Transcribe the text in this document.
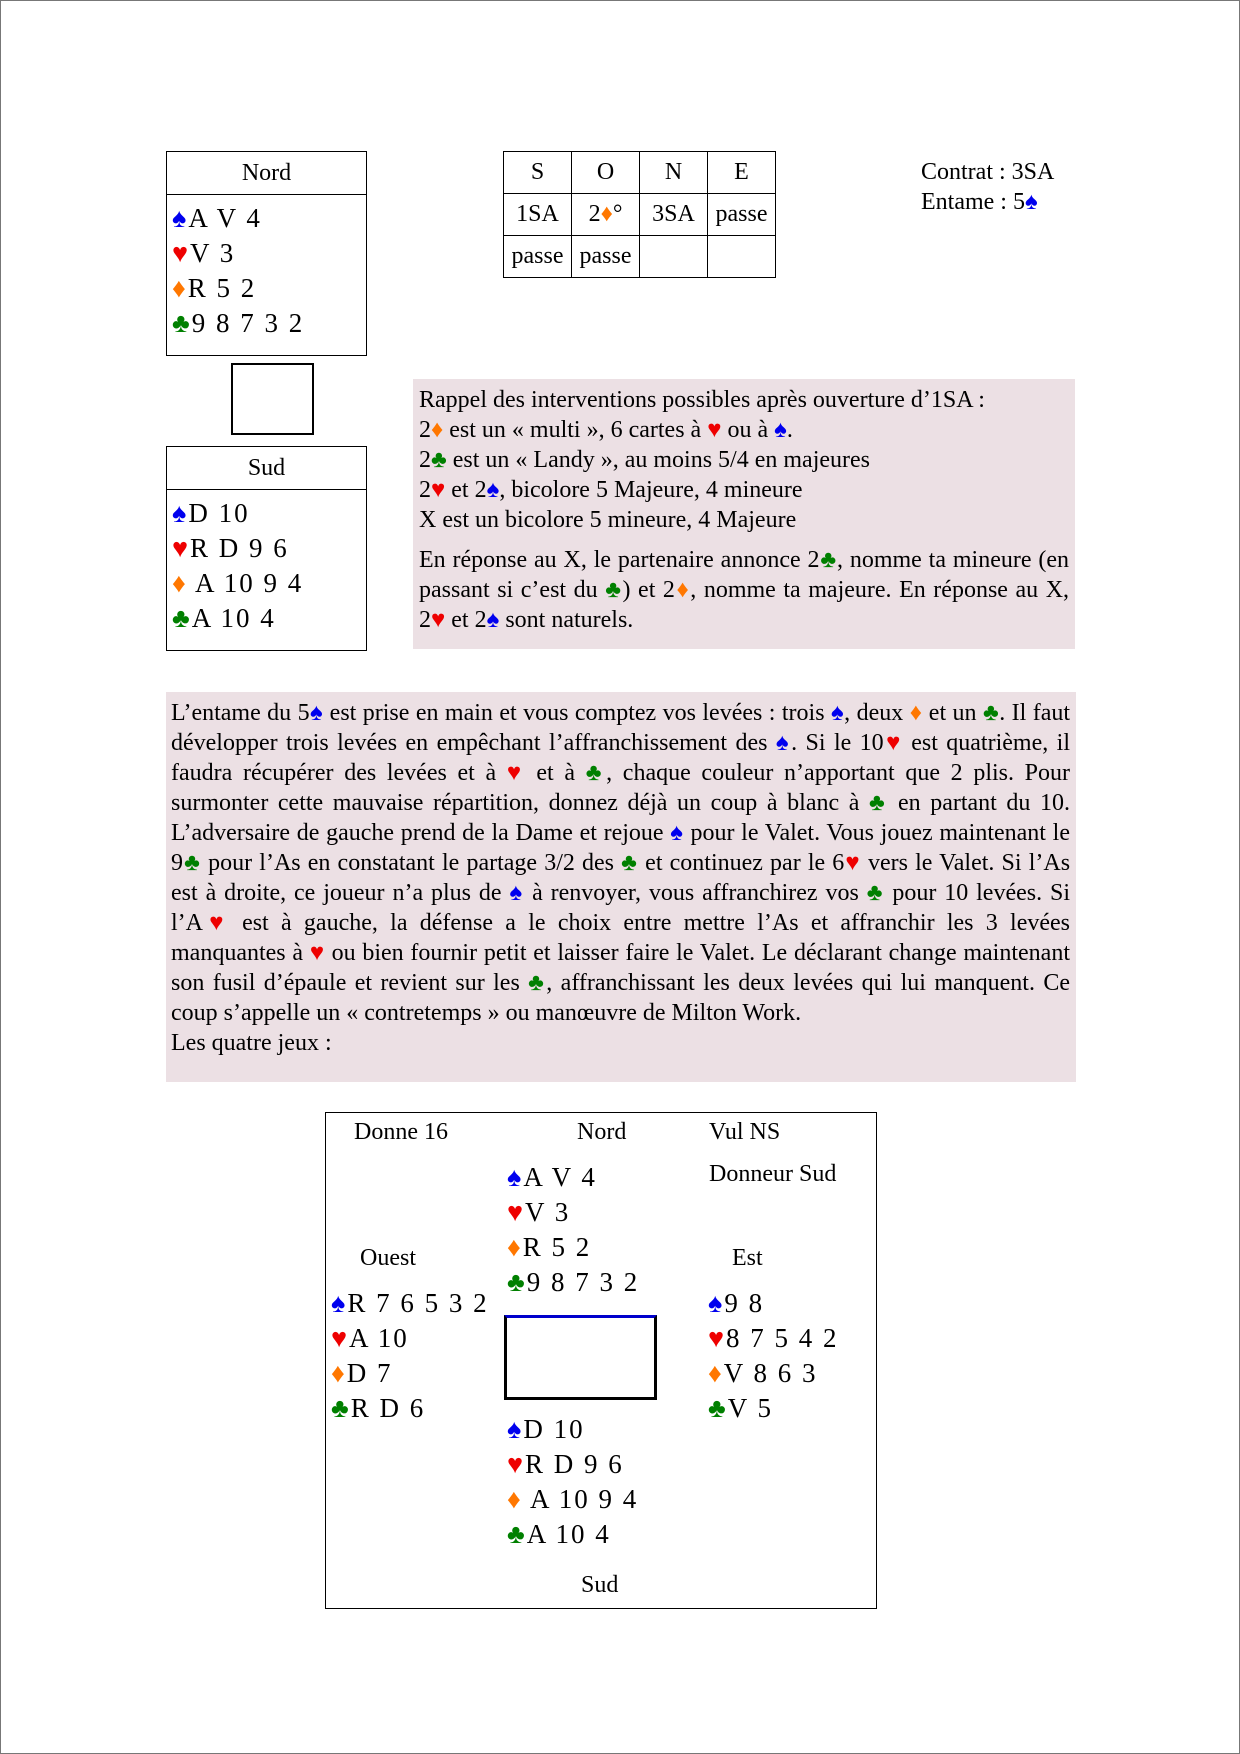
Nord
♠A V 4
♥V 3
♦R 5 2
♣9 8 7 3 2
Sud
♠D 10
♥R D 9 6
♦ A 10 9 4
♣A 10 4
S	O	N	E
1SA	2♦°	3SA	passe
passe	passe		
Contrat : 3SA
Entame : 5♠

Rappel des interventions possibles après ouverture d’1SA :

2♦ est un « multi », 6 cartes à ♥ ou à ♠.

2♣ est un « Landy », au moins 5/4 en majeures

2♥ et 2♠, bicolore 5 Majeure, 4 mineure

X est un bicolore 5 mineure, 4 Majeure

En réponse au X, le partenaire annonce 2♣, nomme ta mineure (en passant si c’est du ♣) et 2♦, nomme ta majeure. En réponse au X, 2♥ et 2♠ sont naturels.

L’entame du 5♠ est prise en main et vous comptez vos levées : trois ♠, deux ♦ et un ♣. Il faut développer trois levées en empêchant l’affranchissement des ♠. Si le 10♥ est quatrième, il faudra récupérer des levées et à ♥ et à ♣, chaque couleur n’apportant que 2 plis. Pour surmonter cette mauvaise répartition, donnez déjà un coup à blanc à ♣ en partant du 10. L’adversaire de gauche prend de la Dame et rejoue ♠ pour le Valet. Vous jouez maintenant le 9♣ pour l’As en constatant le partage 3/2 des ♣ et continuez par le 6♥ vers le Valet. Si l’As est à droite, ce joueur n’a plus de ♠ à renvoyer, vous affranchirez vos ♣ pour 10 levées. Si l’A♥ est à gauche, la défense a le choix entre mettre l’As et affranchir les 3 levées manquantes à ♥ ou bien fournir petit et laisser faire le Valet. Le déclarant change maintenant son fusil d’épaule et revient sur les ♣, affranchissant les deux levées qui lui manquent. Ce coup s’appelle un « contretemps » ou manœuvre de Milton Work.
Les quatre jeux :
Donne 16	Nord	Vul NS
Donneur Sud
♠A V 4
♥V 3
♦R 5 2
♣9 8 7 3 2
Ouest	Est
♠R 7 6 5 3 2
♥A 10
♦D 7
♣R D 6
♠9 8
♥8 7 5 4 2
♦V 8 6 3
♣V 5
♠D 10
♥R D 9 6
♦ A 10 9 4
♣A 10 4
Sud
